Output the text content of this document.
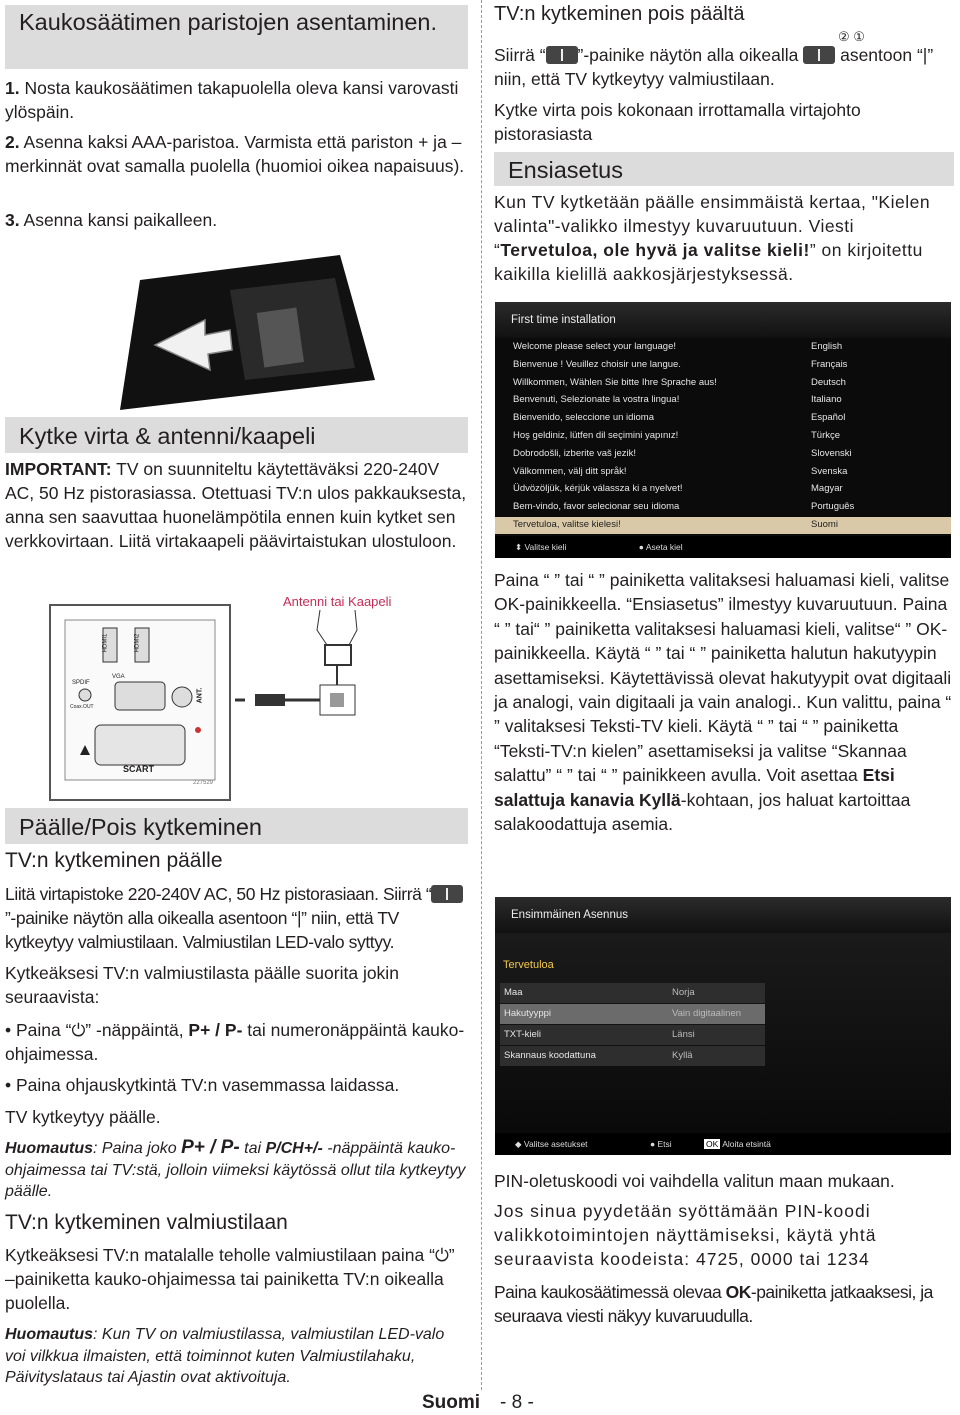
Kaukosäätimen paristojen asentaminen.

1. Nosta kaukosäätimen takapuolella oleva kansi varovasti ylöspäin.

2. Asenna kaksi AAA-paristoa. Varmista että pariston + ja – merkinnät ovat samalla puolella (huomioi oikea napaisuus).

3. Asenna kansi paikalleen.

Kytke virta & antenni/kaapeli

IMPORTANT: TV on suunniteltu käytettäväksi 220-240V AC, 50 Hz pistorasiassa. Otettuasi TV:n ulos pakkauksesta, anna sen saavuttaa huonelämpötila ennen kuin kytket sen verkkovirtaan. Liitä virtakaapeli päävirtaistukan ulostuloon.

Antenni tai Kaapeli
HDMI1	HDMI2
VGA
SPDIF
Coax.OUT
ANT.
SCART
227529
Päälle/Pois kytkeminen
TV:n kytkeminen päälle

Liitä virtapistoke 220-240V AC, 50 Hz pistorasiaan. Siirrä “”-painike näytön alla oikealla asentoon “|” niin, että TV kytkeytyy valmiustilaan. Valmiustilan LED-valo syttyy.

Kytkeäksesi TV:n valmiustilasta päälle suorita jokin seuraavista:

• Paina “⏻” -näppäintä, P+ / P- tai numeronäppäintä kauko-ohjaimessa.

• Paina ohjauskytkintä TV:n vasemmassa laidassa.

TV kytkeytyy päälle.

Huomautus: Paina joko P+ / P- tai P/CH+/- -näppäintä kauko-ohjaimessa tai TV:stä, jolloin viimeksi käytössä ollut tila kytkeytyy päälle.

TV:n kytkeminen valmiustilaan

Kytkeäksesi TV:n matalalle teholle valmiustilaan paina “⏻” –painiketta kauko-ohjaimessa tai painiketta TV:n oikealla puolella.

Huomautus: Kun TV on valmiustilassa, valmiustilan LED-valo voi vilkkua ilmaisten, että toiminnot kuten Valmiustilahaku, Päivityslataus tai Ajastin ovat aktivoituja.

TV:n kytkeminen pois päältä
② ①

Siirrä “ ”-painike näytön alla oikealla  asentoon “|” niin, että TV kytkeytyy valmiustilaan.

Kytke virta pois kokonaan irrottamalla virtajohto pistorasiasta

Ensiasetus

Kun TV kytketään päälle ensimmäistä kertaa, "Kielen valinta"-valikko ilmestyy kuvaruutuun. Viesti “Tervetuloa, ole hyvä ja valitse kieli!” on kirjoitettu kaikilla kielillä aakkosjärjestyksessä.

First time installation
Welcome please select your language!	English
Bienvenue ! Veuillez choisir une langue.	Français
Willkommen, Wählen Sie bitte Ihre Sprache aus!	Deutsch
Benvenuti, Selezionate la vostra lingua!	Italiano
Bienvenido, seleccione un idioma	Español
Hoş geldiniz, lütfen dil seçimini yapınız!	Türkçe
Dobrodošli, izberite vaš jezik!	Slovenski
Välkommen, välj ditt språk!	Svenska
Üdvözöljük, kérjük válassza ki a nyelvet!	Magyar
Bem-vindo, favor selecionar seu idioma	Português
Tervetuloa, valitse kielesi!	Suomi
⬍ Valitse kieli	● Aseta kiel

Paina “ ” tai “ ” painiketta valitaksesi haluamasi kieli, valitse OK-painikkeella. “Ensiasetus” ilmestyy kuvaruutuun. Paina “ ” tai“ ” painiketta valitaksesi haluamasi kieli, valitse“ ” OK-painikkeella. Käytä “ ” tai “ ” painiketta halutun hakutyypin asettamiseksi. Käytettävissä olevat hakutyypit ovat digitaali ja analogi, vain digitaali ja vain analogi.. Kun valittu, paina “ ” valitaksesi Teksti-TV kieli. Käytä “ ” tai “ ” painiketta “Teksti-TV:n kielen” asettamiseksi ja valitse “Skannaa salattu” “ ” tai “ ” painikkeen avulla. Voit asettaa Etsi salattuja kanavia Kyllä-kohtaan, jos haluat kartoittaa salakoodattuja asemia.

Ensimmäinen Asennus
Tervetuloa
Maa	Norja
Hakutyyppi	Vain digitaalinen
TXT-kieli	Länsi
Skannaus koodattuna	Kyllä
◆ Valitse asetukset	● Etsi	OK Aloita etsintä

PIN-oletuskoodi voi vaihdella valitun maan mukaan.

Jos sinua pyydetään syöttämään PIN-koodi valikkotoimintojen näyttämiseksi, käytä yhtä seuraavista koodeista: 4725, 0000 tai 1234

Paina kaukosäätimessä olevaa OK-painiketta jatkaaksesi, ja seuraava viesti näkyy kuvaruudulla.

Suomi - 8 -
